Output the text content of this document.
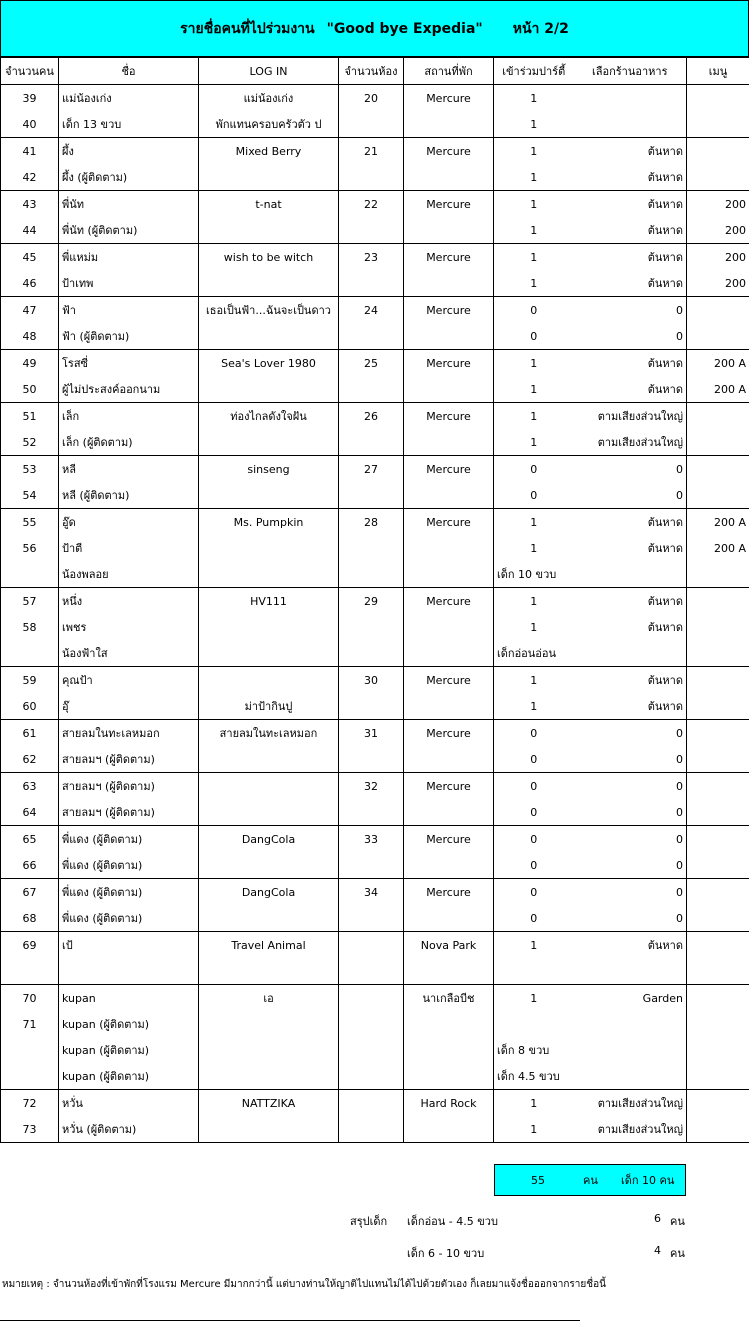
รายชื่อคนที่ไปร่วมงาน "Good bye Expedia" หน้า 2/2
จำนวนคน	ชื่อ	LOG IN	จำนวนห้อง	สถานที่พัก	เข้าร่วมปาร์ตี้	เลือกร้านอาหาร	เมนู
39	แม่น้องเก่ง	แม่น้องเก่ง	20	Mercure	1		
40	เด็ก 13 ขวบ	พักแทนครอบครัวตัว ป			1		
41	ผึ้ง	Mixed Berry	21	Mercure	1	ต้นหาด	
42	ผึ้ง (ผู้ติดตาม)				1	ต้นหาด	
43	พี่นัท	t-nat	22	Mercure	1	ต้นหาด	200
44	พี่นัท (ผู้ติดตาม)				1	ต้นหาด	200
45	พี่แหม่ม	wish to be witch	23	Mercure	1	ต้นหาด	200
46	ป้าเทพ				1	ต้นหาด	200
47	ฟ้า	เธอเป็นฟ้า...ฉันจะเป็นดาว	24	Mercure	0	0	
48	ฟ้า (ผู้ติดตาม)				0	0	
49	โรสซี่	Sea's Lover 1980	25	Mercure	1	ต้นหาด	200 A
50	ผู้ไม่ประสงค์ออกนาม				1	ต้นหาด	200 A
51	เล็ก	ท่องไกลดังใจฝัน	26	Mercure	1	ตามเสียงส่วนใหญ่	
52	เล็ก (ผู้ติดตาม)				1	ตามเสียงส่วนใหญ่	
53	หลี	sinseng	27	Mercure	0	0	
54	หลี (ผู้ติดตาม)				0	0	
55	อู๊ด	Ms. Pumpkin	28	Mercure	1	ต้นหาด	200 A
56	ป้าตี				1	ต้นหาด	200 A
	น้องพลอย				เด็ก 10 ขวบ		
57	หนึ่ง	HV111	29	Mercure	1	ต้นหาด	
58	เพชร				1	ต้นหาด	
	น้องฟ้าใส				เด็กอ่อนอ่อน		
59	คุณป้า		30	Mercure	1	ต้นหาด	
60	อุ๊	ม่าป้ากินปู			1	ต้นหาด	
61	สายลมในทะเลหมอก	สายลมในทะเลหมอก	31	Mercure	0	0	
62	สายลมฯ (ผู้ติดตาม)				0	0	
63	สายลมฯ (ผู้ติดตาม)		32	Mercure	0	0	
64	สายลมฯ (ผู้ติดตาม)				0	0	
65	พี่แดง (ผู้ติดตาม)	DangCola	33	Mercure	0	0	
66	พี่แดง (ผู้ติดตาม)				0	0	
67	พี่แดง (ผู้ติดตาม)	DangCola	34	Mercure	0	0	
68	พี่แดง (ผู้ติดตาม)				0	0	
69	เป้	Travel Animal		Nova Park	1	ต้นหาด	

70	kupan	เอ		นาเกลือบีช	1	Garden	
71	kupan (ผู้ติดตาม)						
	kupan (ผู้ติดตาม)				เด็ก 8 ขวบ		
	kupan (ผู้ติดตาม)				เด็ก 4.5 ขวบ		
72	หวั่น	NATTZIKA		Hard Rock	1	ตามเสียงส่วนใหญ่	
73	หวั่น (ผู้ติดตาม)				1	ตามเสียงส่วนใหญ่	
55	คน เด็ก 10 คน
สรุปเด็ก เด็กอ่อน - 4.5 ขวบ	6 คน
เด็ก 6 - 10 ขวบ	4 คน
หมายเหตุ : จำนวนห้องที่เข้าพักที่โรงแรม Mercure มีมากกว่านี้ แต่บางท่านให้ญาติไปแทนไม่ได้ไปด้วยตัวเอง ก็เลยมาแจ้งชื่อออกจากรายชื่อนี้
